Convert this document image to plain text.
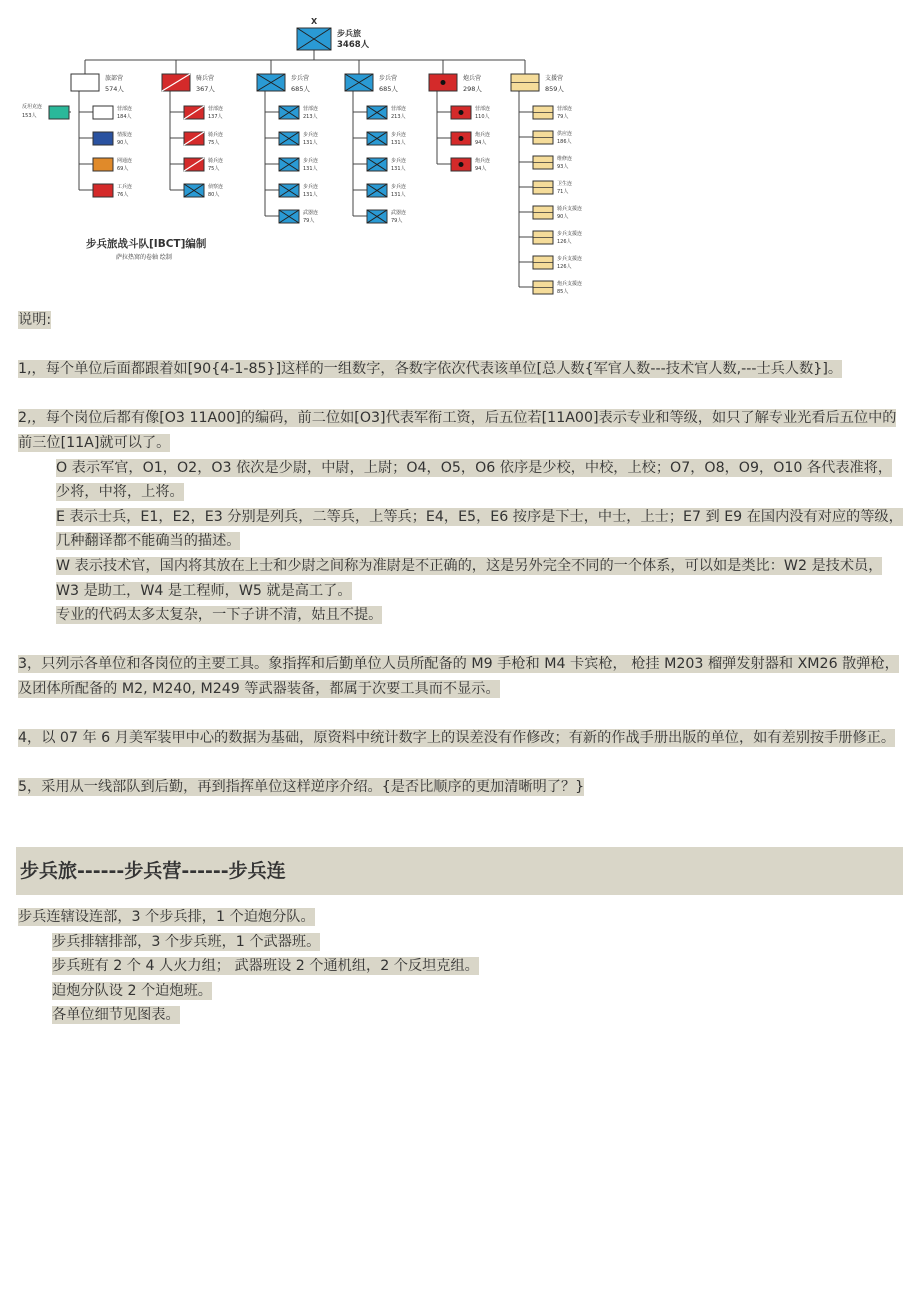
X
步兵旅
3468人
旅部营
574人
营部连
184人
情报连
90人
网通连
69人
工兵连
76人
骑兵营
367人
营部连
137人
骑兵连
75人
骑兵连
75人
侦察连
80人
步兵营
685人
营部连
213人
步兵连
131人
步兵连
131人
步兵连
131人
武器连
79人
步兵营
685人
营部连
213人
步兵连
131人
步兵连
131人
步兵连
131人
武器连
79人
炮兵营
298人
营部连
110人
炮兵连
94人
炮兵连
94人
支援营
859人
营部连
79人
供应连
186人
维修连
93人
卫生连
71人
骑兵支援连
90人
步兵支援连
126人
步兵支援连
126人
炮兵支援连
85人
反坦克连
153人
步兵旅战斗队[IBCT]编制
萨拉热窝的卷轴 绘制

说明:

1,，每个单位后面都跟着如[90{4-1-85}]这样的一组数字，各数字依次代表该单位[总人数{军官人数---技术官人数,---士兵人数}]。

2,，每个岗位后都有像[O3 11A00]的编码，前二位如[O3]代表军衔工资，后五位若[11A00]表示专业和等级，如只了解专业光看后五位中的前三位[11A]就可以了。

O 表示军官，O1，O2，O3 依次是少尉，中尉，上尉；O4，O5，O6 依序是少校，中校，上校；O7，O8，O9，O10 各代表准将，少将，中将，上将。

E 表示士兵，E1，E2，E3 分别是列兵，二等兵，上等兵；E4，E5，E6 按序是下士，中士，上士；E7 到 E9 在国内没有对应的等级，几种翻译都不能确当的描述。

W 表示技术官，国内将其放在上士和少尉之间称为准尉是不正确的，这是另外完全不同的一个体系，可以如是类比：W2 是技术员，W3 是助工，W4 是工程师，W5 就是高工了。

专业的代码太多太复杂，一下子讲不清，姑且不提。

3，只列示各单位和各岗位的主要工具。象指挥和后勤单位人员所配备的 M9 手枪和 M4 卡宾枪， 枪挂 M203 榴弹发射器和 XM26 散弹枪， 及团体所配备的 M2, M240, M249 等武器装备，都属于次要工具而不显示。

4，以 07 年 6 月美军装甲中心的数据为基础，原资料中统计数字上的误差没有作修改；有新的作战手册出版的单位，如有差别按手册修正。

5，采用从一线部队到后勤，再到指挥单位这样逆序介绍。{是否比顺序的更加清晰明了？}

步兵旅------步兵营------步兵连

步兵连辖设连部，3 个步兵排，1 个迫炮分队。

步兵排辖排部，3 个步兵班，1 个武器班。

步兵班有 2 个 4 人火力组； 武器班设 2 个通机组，2 个反坦克组。

迫炮分队设 2 个迫炮班。

各单位细节见图表。
